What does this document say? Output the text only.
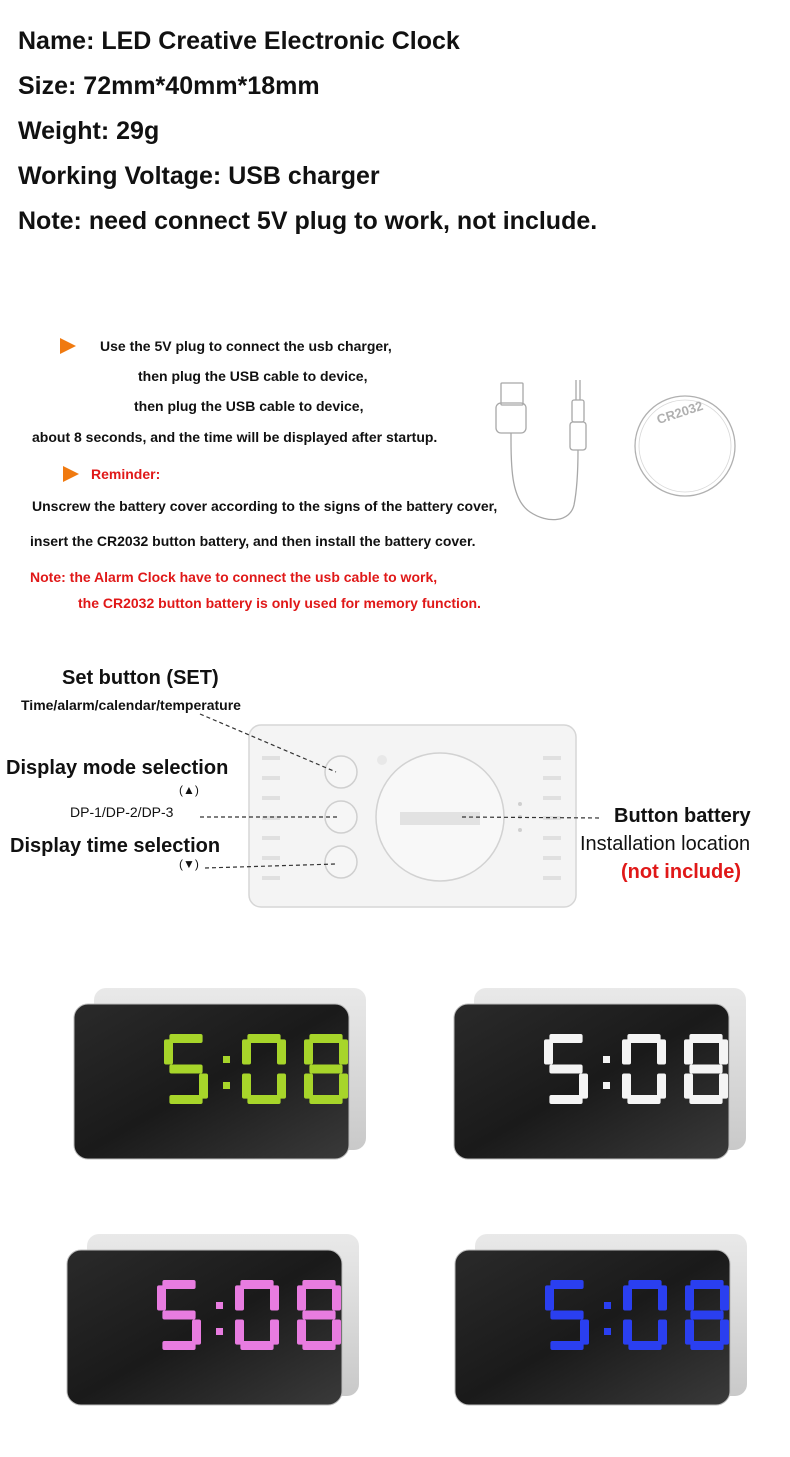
Name: LED Creative Electronic Clock
Size: 72mm*40mm*18mm
Weight: 29g
Working Voltage: USB charger
Note: need connect 5V plug to work, not include.
Use the 5V plug to connect the usb charger,
then plug the USB cable to device,
then plug the USB cable to device,
about 8 seconds, and the time will be displayed after startup.
Reminder:
Unscrew the battery cover according to the signs of the battery cover,
insert the CR2032 button battery, and then install the battery cover.
Note: the Alarm Clock have to connect the usb cable to work,
the CR2032 button battery is only used for memory function.
CR2032
Set button (SET)
Time/alarm/calendar/temperature
Display mode selection
(▲)
DP-1/DP-2/DP-3
Display time selection
(▼)
Button battery
Installation location
(not include)
